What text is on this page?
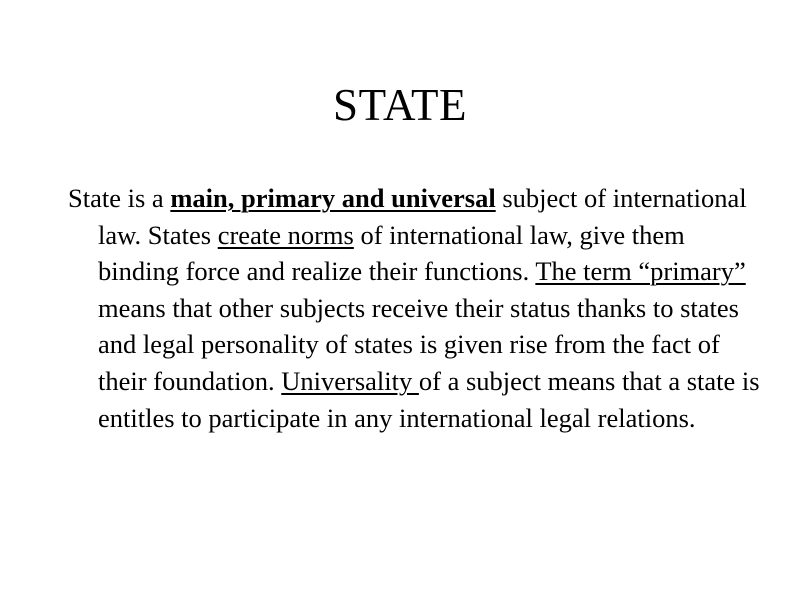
STATE

State is a main, primary and universal subject of international law. States create norms of international law, give them binding force and realize their functions. The term “primary” means that other subjects receive their status thanks to states and legal personality of states is given rise from the fact of their foundation. Universality of a subject means that a state is entitles to participate in any international legal relations.
